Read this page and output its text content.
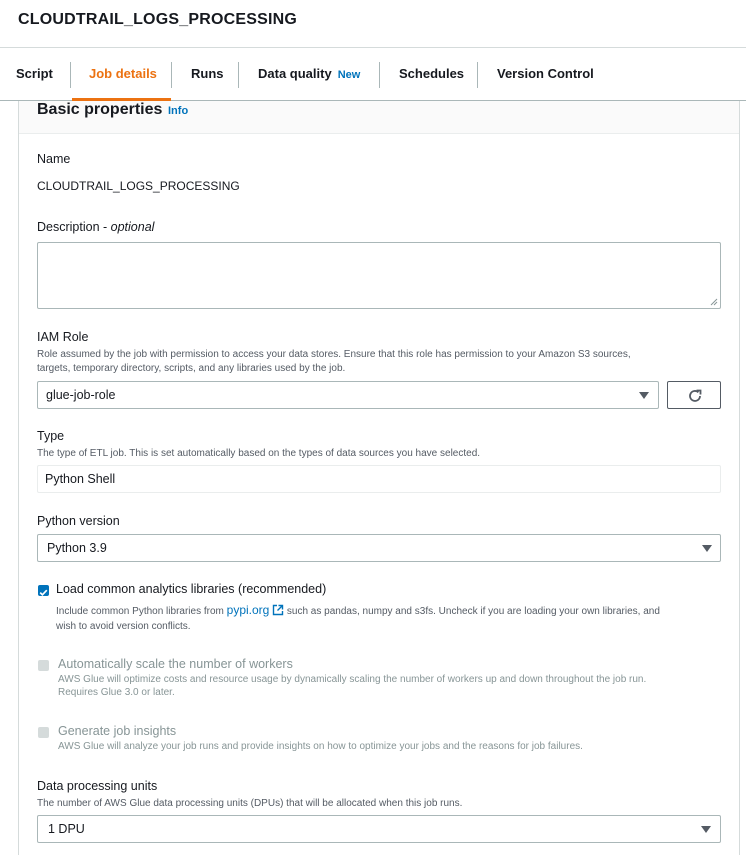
CLOUDTRAIL_LOGS_PROCESSING
Script	Job details	Runs	Data quality New	Schedules	Version Control
Basic properties Info
Name
CLOUDTRAIL_LOGS_PROCESSING
Description - optional
IAM Role
Role assumed by the job with permission to access your data stores. Ensure that this role has permission to your Amazon S3 sources,
targets, temporary directory, scripts, and any libraries used by the job.
glue-job-role
Type
The type of ETL job. This is set automatically based on the types of data sources you have selected.
Python Shell
Python version
Python 3.9
Load common analytics libraries (recommended)
Include common Python libraries from pypi.org such as pandas, numpy and s3fs. Uncheck if you are loading your own libraries, and
wish to avoid version conflicts.
Automatically scale the number of workers
AWS Glue will optimize costs and resource usage by dynamically scaling the number of workers up and down throughout the job run.
Requires Glue 3.0 or later.
Generate job insights
AWS Glue will analyze your job runs and provide insights on how to optimize your jobs and the reasons for job failures.
Data processing units
The number of AWS Glue data processing units (DPUs) that will be allocated when this job runs.
1 DPU
